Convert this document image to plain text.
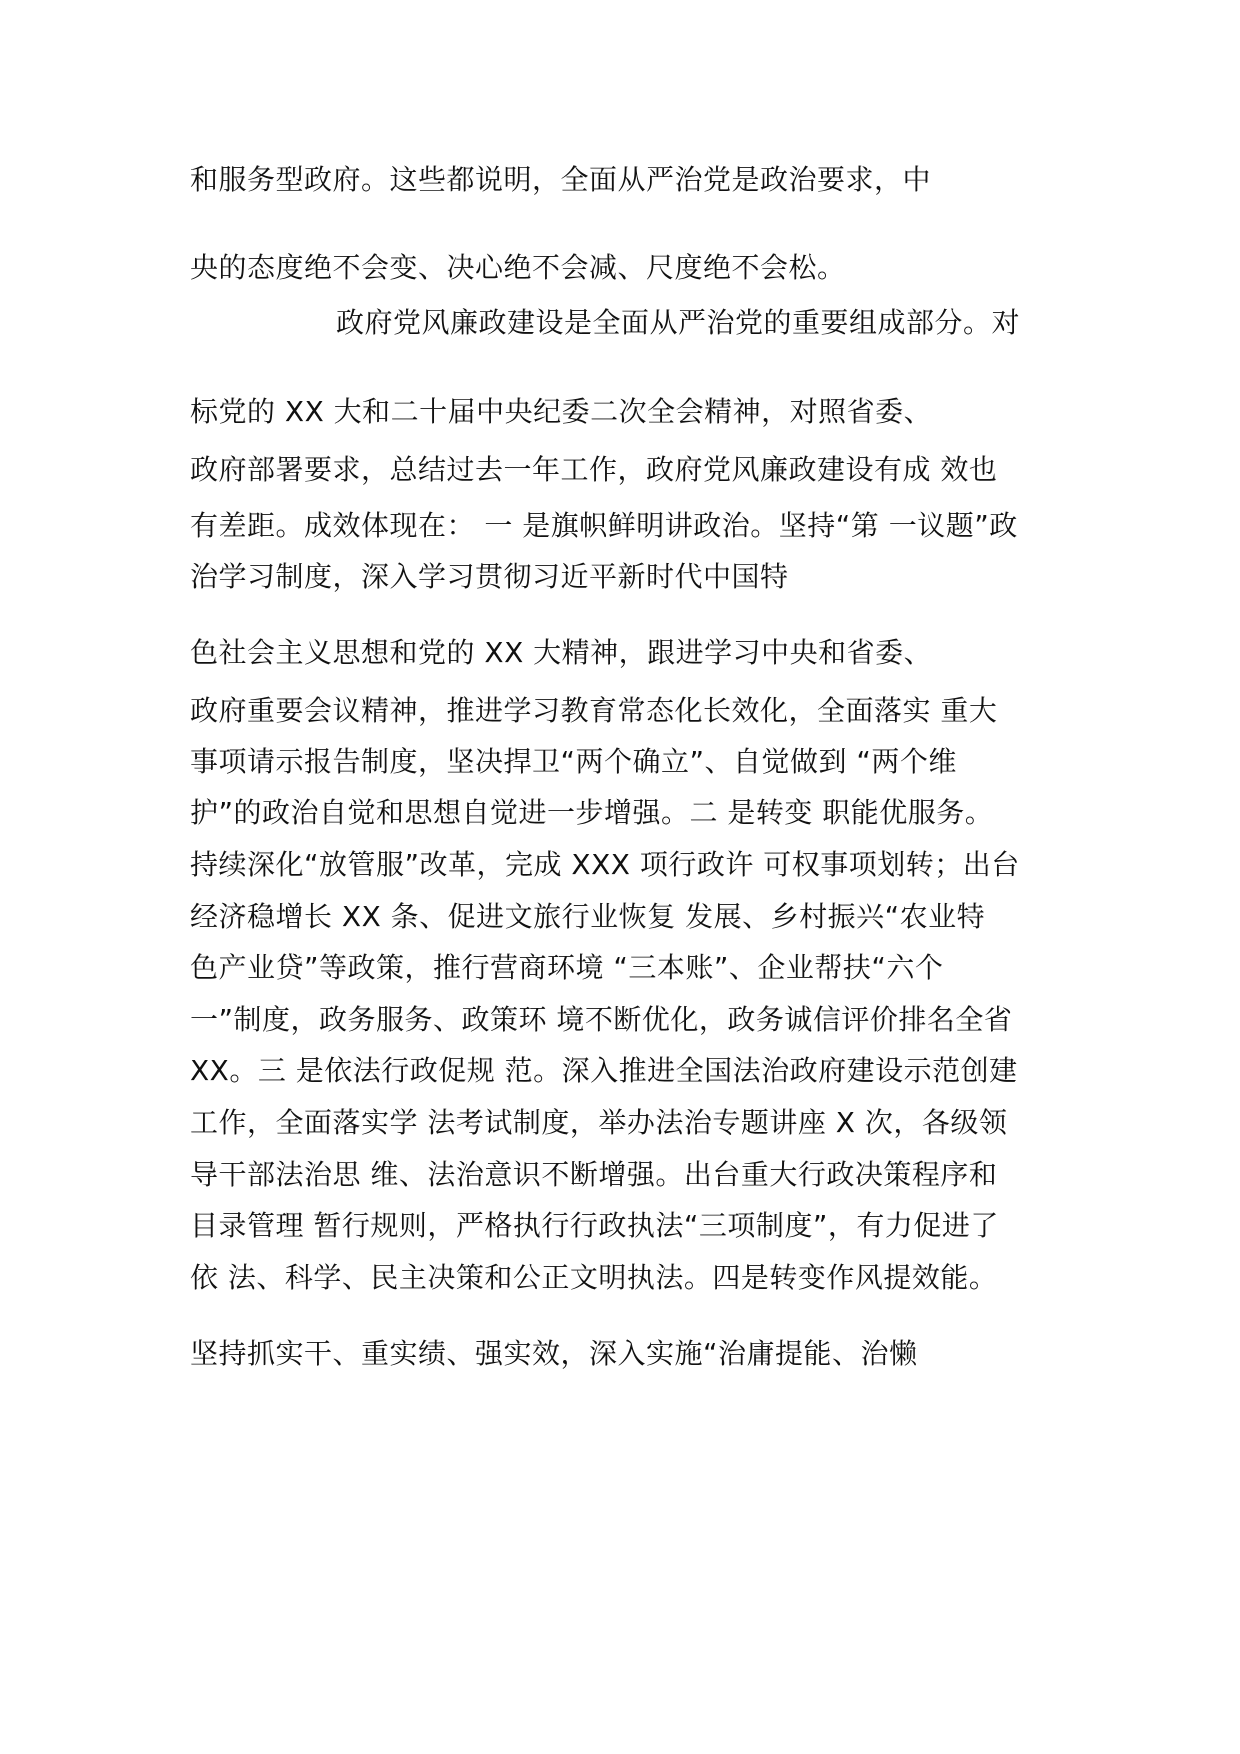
和服务型政府。这些都说明，全面从严治党是政治要求，中
央的态度绝不会变、决心绝不会减、尺度绝不会松。
政府党风廉政建设是全面从严治党的重要组成部分。对
标党的 XX 大和二十届中央纪委二次全会精神，对照省委、
政府部署要求，总结过去一年工作，政府党风廉政建设有成 效也
有差距。成效体现在： 一 是旗帜鲜明讲政治。坚持“第 一议题”政
治学习制度，深入学习贯彻习近平新时代中国特
色社会主义思想和党的 XX 大精神，跟进学习中央和省委、
政府重要会议精神，推进学习教育常态化长效化，全面落实 重大
事项请示报告制度，坚决捍卫“两个确立”、自觉做到 “两个维
护”的政治自觉和思想自觉进一步增强。二 是转变 职能优服务。
持续深化“放管服”改革，完成 XXX 项行政许 可权事项划转；出台
经济稳增长 XX 条、促进文旅行业恢复 发展、乡村振兴“农业特
色产业贷”等政策，推行营商环境 “三本账”、企业帮扶“六个
一”制度，政务服务、政策环 境不断优化，政务诚信评价排名全省
XX。三 是依法行政促规 范。深入推进全国法治政府建设示范创建
工作，全面落实学 法考试制度，举办法治专题讲座 X 次，各级领
导干部法治思 维、法治意识不断增强。出台重大行政决策程序和
目录管理 暂行规则，严格执行行政执法“三项制度”，有力促进了
依 法、科学、民主决策和公正文明执法。四是转变作风提效能。
坚持抓实干、重实绩、强实效，深入实施“治庸提能、治懒
